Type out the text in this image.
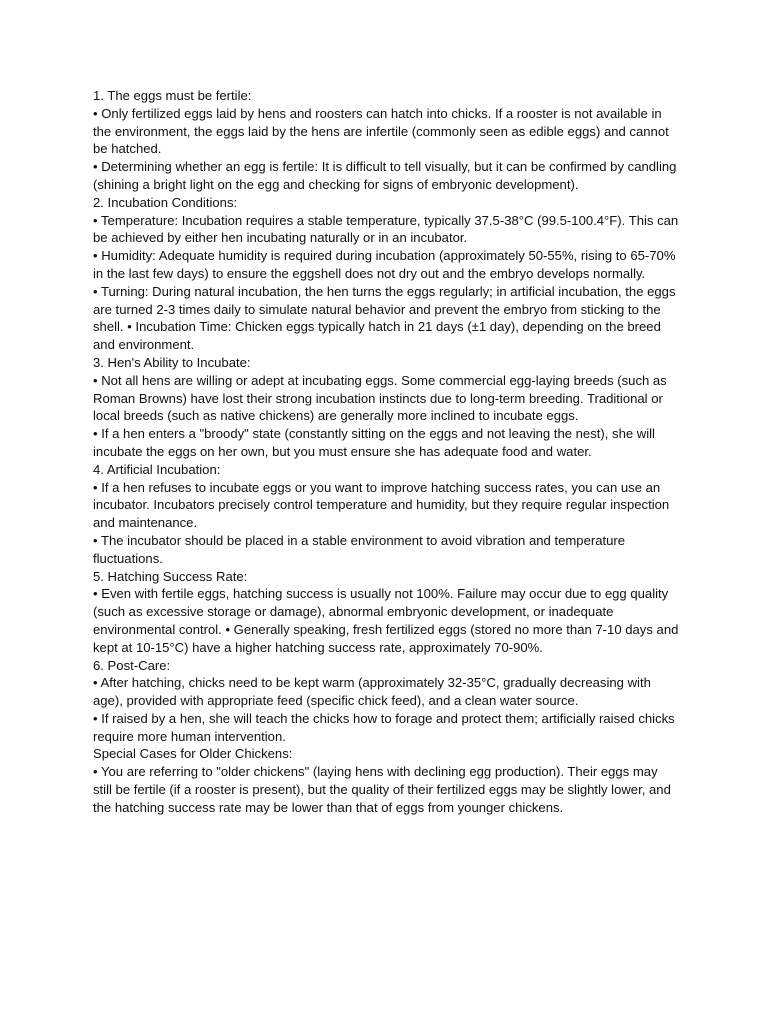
1. The eggs must be fertile:

• Only fertilized eggs laid by hens and roosters can hatch into chicks. If a rooster is not available in the environment, the eggs laid by the hens are infertile (commonly seen as edible eggs) and cannot be hatched.

• Determining whether an egg is fertile: It is difficult to tell visually, but it can be confirmed by candling (shining a bright light on the egg and checking for signs of embryonic development).

2. Incubation Conditions:

• Temperature: Incubation requires a stable temperature, typically 37.5-38°C (99.5-100.4°F). This can be achieved by either hen incubating naturally or in an incubator.

• Humidity: Adequate humidity is required during incubation (approximately 50-55%, rising to 65-70% in the last few days) to ensure the eggshell does not dry out and the embryo develops normally.

• Turning: During natural incubation, the hen turns the eggs regularly; in artificial incubation, the eggs are turned 2-3 times daily to simulate natural behavior and prevent the embryo from sticking to the shell. • Incubation Time: Chicken eggs typically hatch in 21 days (±1 day), depending on the breed and environment.

3. Hen's Ability to Incubate:

• Not all hens are willing or adept at incubating eggs. Some commercial egg-laying breeds (such as Roman Browns) have lost their strong incubation instincts due to long-term breeding. Traditional or local breeds (such as native chickens) are generally more inclined to incubate eggs.

• If a hen enters a "broody" state (constantly sitting on the eggs and not leaving the nest), she will incubate the eggs on her own, but you must ensure she has adequate food and water.

4. Artificial Incubation:

• If a hen refuses to incubate eggs or you want to improve hatching success rates, you can use an incubator. Incubators precisely control temperature and humidity, but they require regular inspection and maintenance.

• The incubator should be placed in a stable environment to avoid vibration and temperature fluctuations.

5. Hatching Success Rate:

• Even with fertile eggs, hatching success is usually not 100%. Failure may occur due to egg quality (such as excessive storage or damage), abnormal embryonic development, or inadequate environmental control. • Generally speaking, fresh fertilized eggs (stored no more than 7-10 days and kept at 10-15°C) have a higher hatching success rate, approximately 70-90%.

6. Post-Care:

• After hatching, chicks need to be kept warm (approximately 32-35°C, gradually decreasing with age), provided with appropriate feed (specific chick feed), and a clean water source.

• If raised by a hen, she will teach the chicks how to forage and protect them; artificially raised chicks require more human intervention.

Special Cases for Older Chickens:

• You are referring to "older chickens" (laying hens with declining egg production). Their eggs may still be fertile (if a rooster is present), but the quality of their fertilized eggs may be slightly lower, and the hatching success rate may be lower than that of eggs from younger chickens.
